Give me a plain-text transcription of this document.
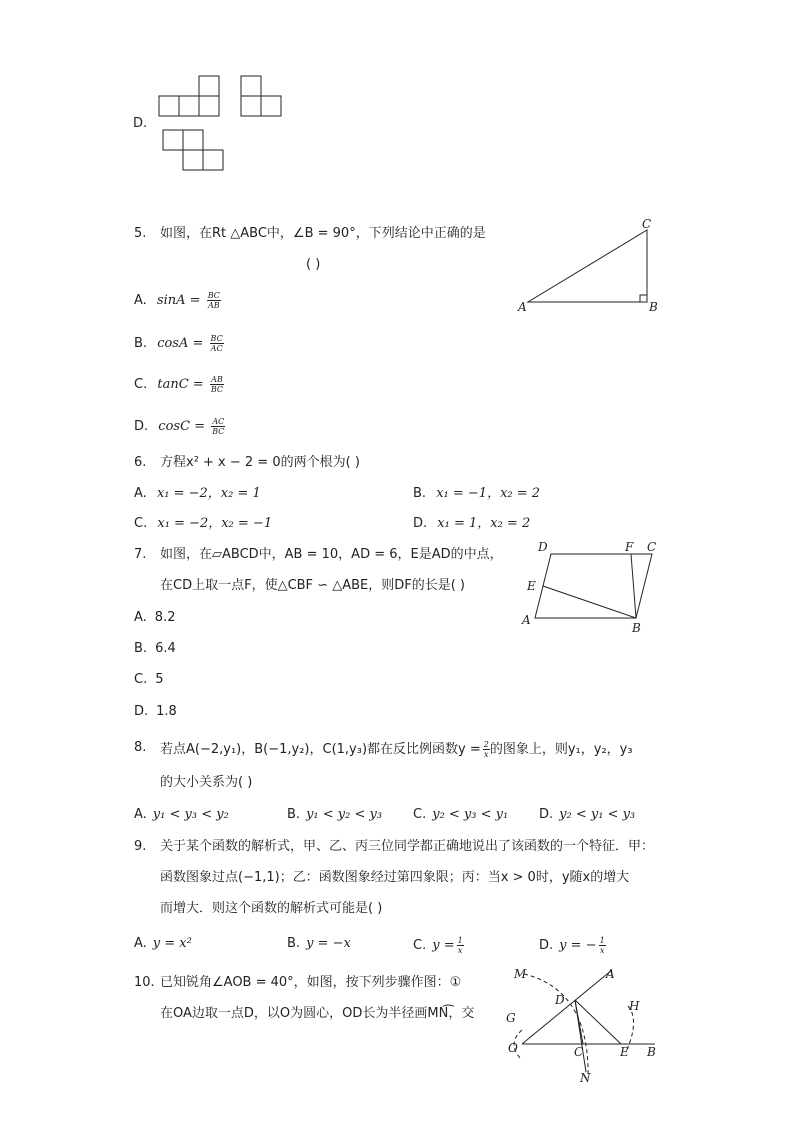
D.
5. 如图，在Rt △ABC中，∠B = 90°，下列结论中正确的是
( )
A. $\sin A = \frac{BC}{AB}$
B. $\cos A = \frac{BC}{AC}$
C. $\tan C = \frac{AB}{BC}$
D. $\cos C = \frac{AC}{BC}$
A	B
C
6. 方程x² + x − 2 = 0的两个根为( )
A. x₁ = −2，x₂ = 1	B. x₁ = −1，x₂ = 2
C. x₁ = −2，x₂ = −1	D. x₁ = 1，x₂ = 2
7. 如图，在▱ABCD中，AB = 10，AD = 6，E是AD的中点，
在CD上取一点F，使△CBF ∽ △ABE，则DF的长是( )
A. 8.2
B. 6.4
C. 5
D. 1.8
A
B
C
D
E
F
8. 若点A(−2,y₁)，B(−1,y₂)，C(1,y₃)都在反比例函数$y = \frac{2}{x}$ 的图象上，则y₁，y₂，y₃
的大小关系为( )
A. y₁ < y₃ < y₂	B. y₁ < y₂ < y₃ C. y₂ < y₃ < y₁ D. y₂ < y₁ < y₃
9. 关于某个函数的解析式，甲、乙、丙三位同学都正确地说出了该函数的一个特征．甲：
函数图象过点(−1,1)；乙：函数图象经过第四象限；丙：当x > 0时，y随x的增大
而增大．则这个函数的解析式可能是( )
A. y = x²	B. y = −x	C. $y = \frac{1}{x}$	D. y = − $\frac{1}{x}$
10. 已知锐角∠AOB = 40°，如图，按下列步骤作图：①
在OA边取一点D，以O为圆心，OD长为半径画MN͡，交
M	A
D	H
G
O	C	E B
N
